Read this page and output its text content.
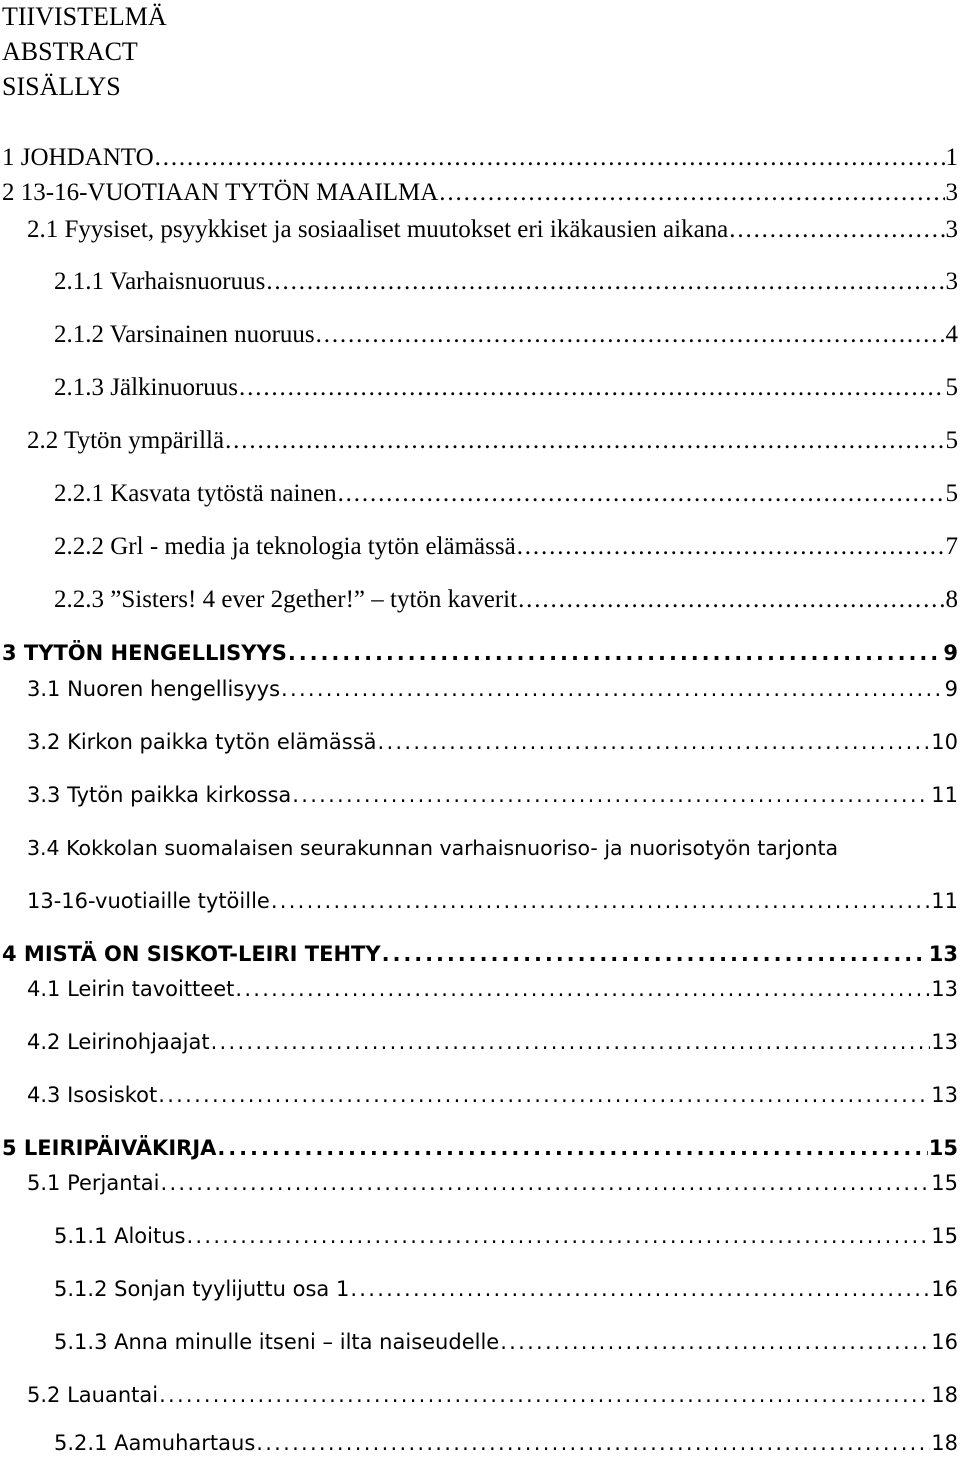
TIIVISTELMÄ
ABSTRACT
SISÄLLYS
1 JOHDANTO . . .	1
2 13-16-VUOTIAAN TYTÖN MAAILMA . . .	3
2.1 Fyysiset, psyykkiset ja sosiaaliset muutokset eri ikäkausien aikana . . .	3
2.1.1 Varhaisnuoruus . . .	3
2.1.2 Varsinainen nuoruus . . .	4
2.1.3 Jälkinuoruus . . .	5
2.2 Tytön ympärillä . . .	5
2.2.1 Kasvata tytöstä nainen . . .	5
2.2.2 Grl - media ja teknologia tytön elämässä . . .	7
2.2.3 ”Sisters! 4 ever 2gether!” – tytön kaverit . . .	8
3 TYTÖN HENGELLISYYS . . .	9
3.1 Nuoren hengellisyys . . .	9
3.2 Kirkon paikka tytön elämässä . . .	10
3.3 Tytön paikka kirkossa . . .	11
3.4 Kokkolan suomalaisen seurakunnan varhaisnuoriso- ja nuorisotyön tarjonta
13-16-vuotiaille tytöille . . .	11
4 MISTÄ ON SISKOT-LEIRI TEHTY . . .	13
4.1 Leirin tavoitteet . . .	13
4.2 Leirinohjaajat . . .	13
4.3 Isosiskot . . .	13
5 LEIRIPÄIVÄKIRJA . . .	15
5.1 Perjantai . . .	15
5.1.1 Aloitus . . .	15
5.1.2 Sonjan tyylijuttu osa 1 . . .	16
5.1.3 Anna minulle itseni – ilta naiseudelle . . .	16
5.2 Lauantai . . .	18
5.2.1 Aamuhartaus . . .	18
